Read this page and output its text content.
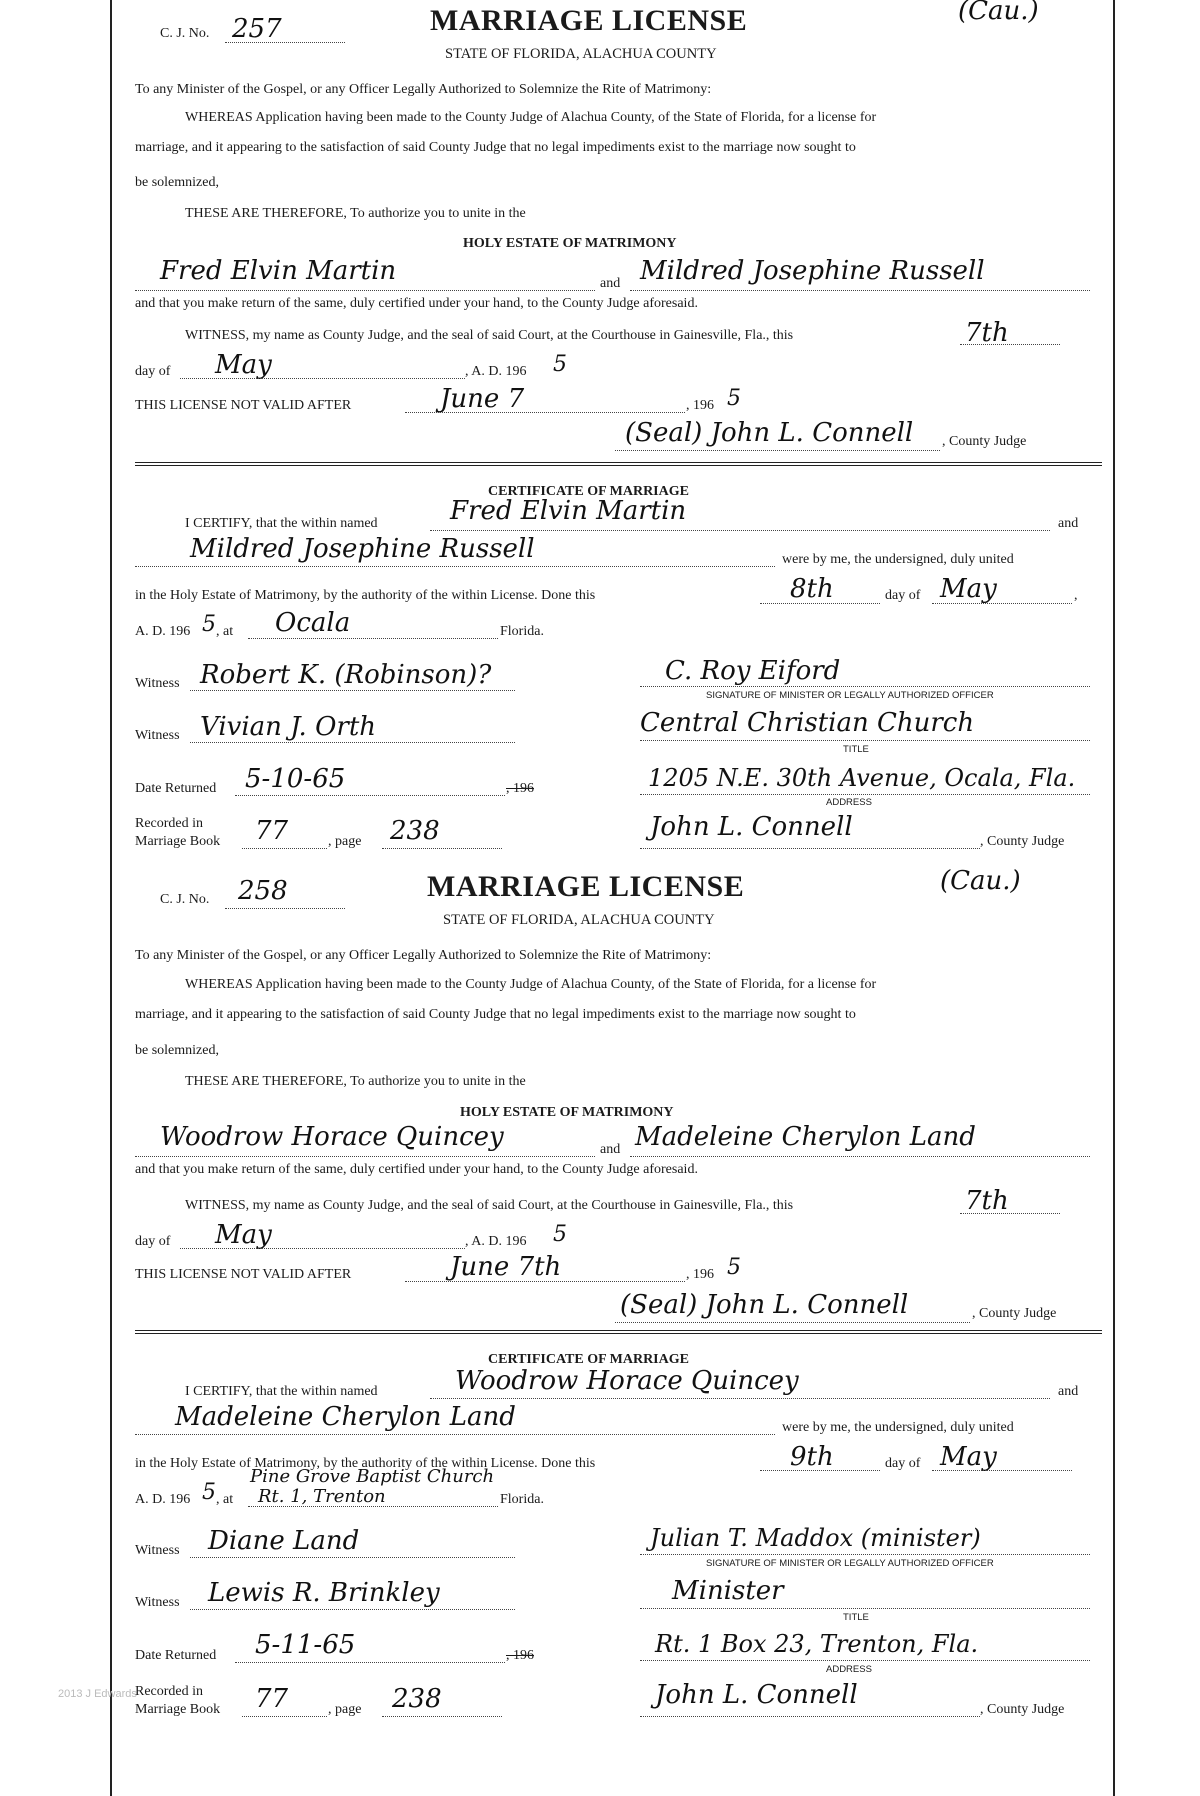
2013 J Edwards
C. J. No. 257	MARRIAGE LICENSE
STATE OF FLORIDA, ALACHUA COUNTY
(Cau.)
To any Minister of the Gospel, or any Officer Legally Authorized to Solemnize the Rite of Matrimony:
WHEREAS Application having been made to the County Judge of Alachua County, of the State of Florida, for a license for
marriage, and it appearing to the satisfaction of said County Judge that no legal impediments exist to the marriage now sought to
be solemnized,
THESE ARE THEREFORE, To authorize you to unite in the
HOLY ESTATE OF MATRIMONY
Fred Elvin Martin	and Mildred Josephine Russell
and that you make return of the same, duly certified under your hand, to the County Judge aforesaid.
WITNESS, my name as County Judge, and the seal of said Court, at the Courthouse in Gainesville, Fla., this	7th
day of May	, A. D. 196 5
THIS LICENSE NOT VALID AFTER	June 7	, 196 5
(Seal) John L. Connell , County Judge
CERTIFICATE OF MARRIAGE
I CERTIFY, that the within named	Fred Elvin Martin	and
Mildred Josephine Russell	were by me, the undersigned, duly united
in the Holy Estate of Matrimony, by the authority of the within License. Done this	8th	day of May	,
A. D. 196 5 , at Ocala	Florida.
Witness Robert K. (Robinson)?	C. Roy Eiford
SIGNATURE OF MINISTER OR LEGALLY AUTHORIZED OFFICER
Witness Vivian J. Orth	Central Christian Church
TITLE
Date Returned 5-10-65	, 196	1205 N.E. 30th Avenue, Ocala, Fla.
ADDRESS
Recorded in
Marriage Book 77	, page 238	John L. Connell	, County Judge
C. J. No. 258	MARRIAGE LICENSE
STATE OF FLORIDA, ALACHUA COUNTY
(Cau.)
To any Minister of the Gospel, or any Officer Legally Authorized to Solemnize the Rite of Matrimony:
WHEREAS Application having been made to the County Judge of Alachua County, of the State of Florida, for a license for
marriage, and it appearing to the satisfaction of said County Judge that no legal impediments exist to the marriage now sought to
be solemnized,
THESE ARE THEREFORE, To authorize you to unite in the
HOLY ESTATE OF MATRIMONY
Woodrow Horace Quincey	and Madeleine Cherylon Land
and that you make return of the same, duly certified under your hand, to the County Judge aforesaid.
WITNESS, my name as County Judge, and the seal of said Court, at the Courthouse in Gainesville, Fla., this	7th
day of May	, A. D. 196 5
THIS LICENSE NOT VALID AFTER	June 7th	, 196 5
(Seal) John L. Connell	, County Judge
CERTIFICATE OF MARRIAGE
I CERTIFY, that the within named	Woodrow Horace Quincey	and
Madeleine Cherylon Land	were by me, the undersigned, duly united
in the Holy Estate of Matrimony, by the authority of the within License. Done this	9th	day of May
A. D. 196 5 , at
Pine Grove Baptist Church
Rt. 1, Trenton	Florida.
Witness Diane Land	Julian T. Maddox (minister)
SIGNATURE OF MINISTER OR LEGALLY AUTHORIZED OFFICER
Witness Lewis R. Brinkley	Minister
TITLE
Date Returned 5-11-65	, 196	Rt. 1 Box 23, Trenton, Fla.
ADDRESS
Recorded in
Marriage Book 77	, page 238	John L. Connell	, County Judge
